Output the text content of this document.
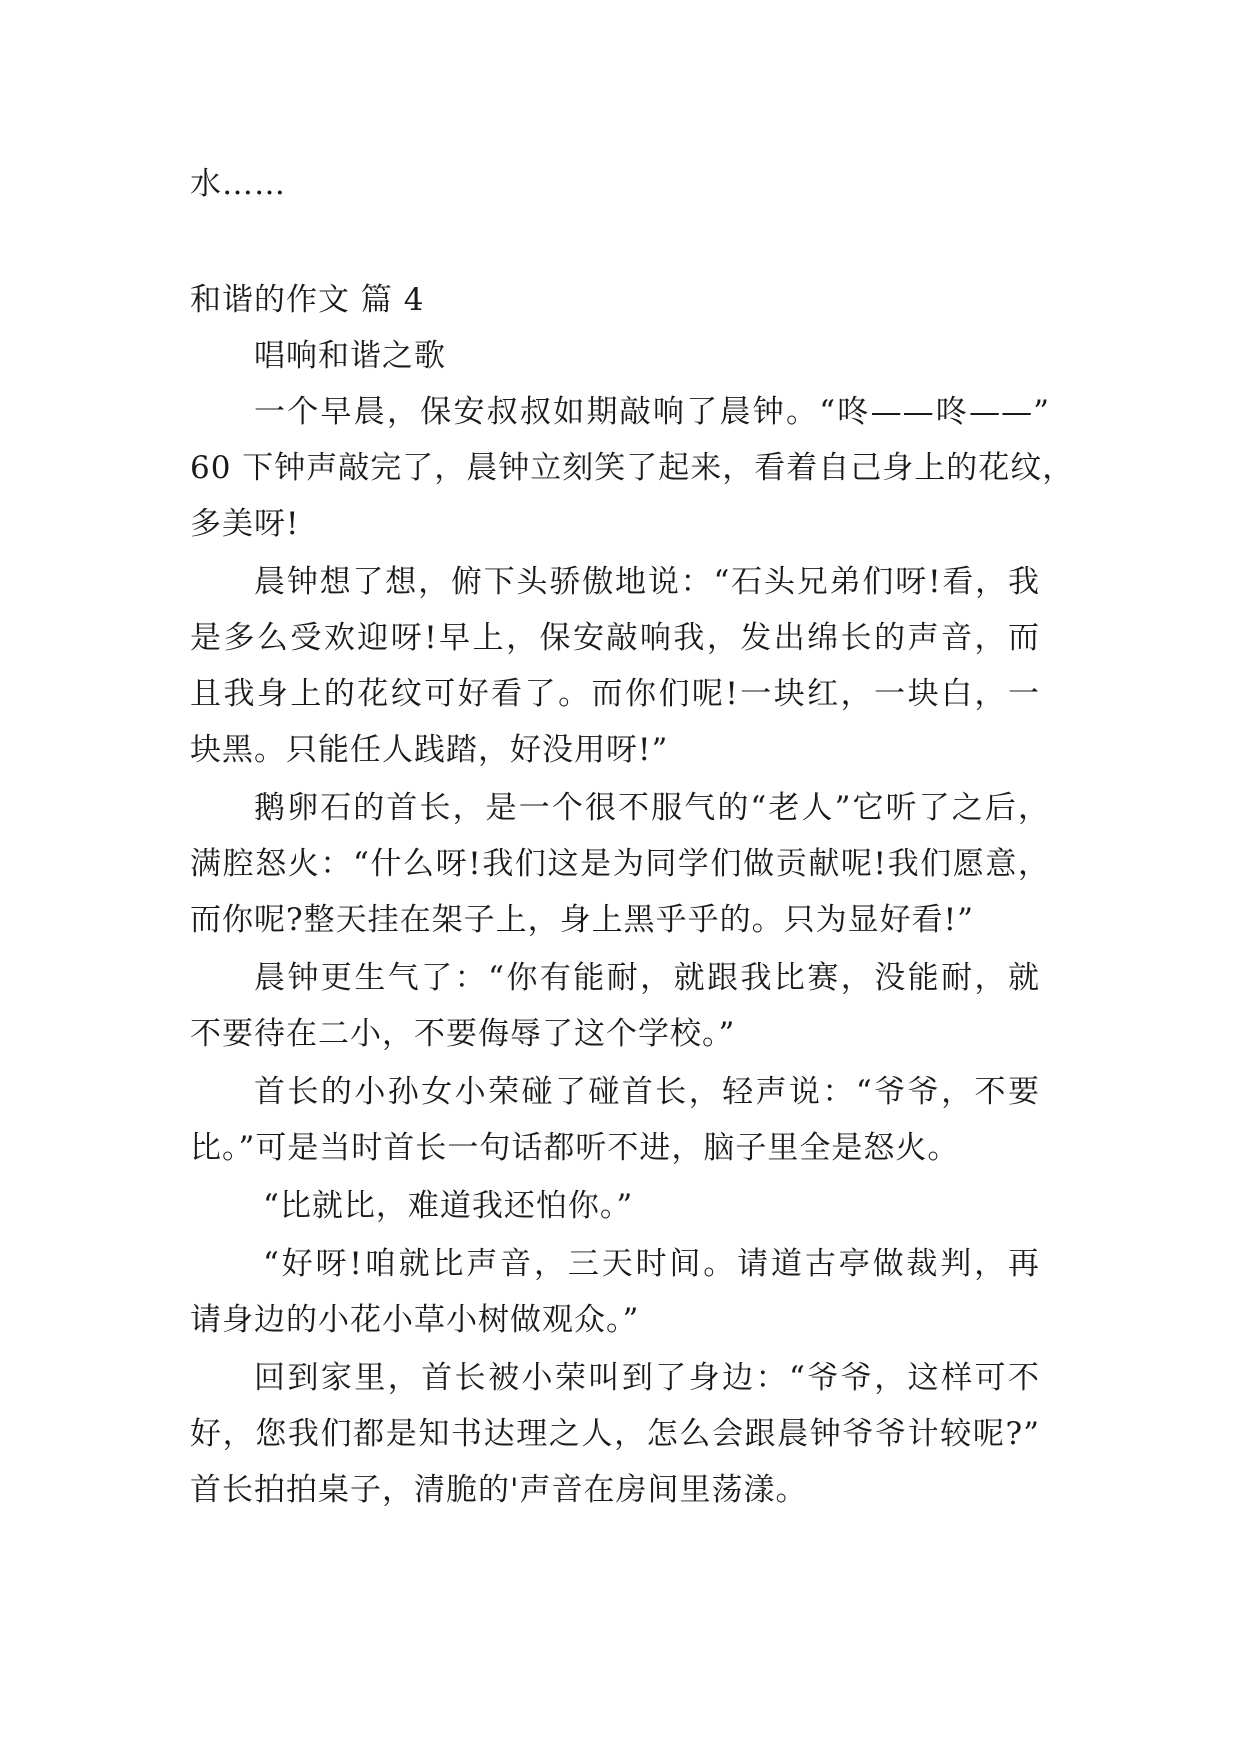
水……
和谐的作文 篇 4
唱响和谐之歌
一个早晨，保安叔叔如期敲响了晨钟。“咚——咚——”
60 下钟声敲完了，晨钟立刻笑了起来，看着自己身上的花纹，
多美呀!
晨钟想了想，俯下头骄傲地说：“石头兄弟们呀!看，我
是多么受欢迎呀!早上，保安敲响我，发出绵长的声音，而
且我身上的花纹可好看了。而你们呢!一块红，一块白，一
块黑。只能任人践踏，好没用呀!”
鹅卵石的首长，是一个很不服气的“老人”它听了之后，
满腔怒火：“什么呀!我们这是为同学们做贡献呢!我们愿意，
而你呢?整天挂在架子上，身上黑乎乎的。只为显好看!”
晨钟更生气了：“你有能耐，就跟我比赛，没能耐，就
不要待在二小，不要侮辱了这个学校。”
首长的小孙女小荣碰了碰首长，轻声说：“爷爷，不要
比。”可是当时首长一句话都听不进，脑子里全是怒火。
“比就比，难道我还怕你。”
“好呀!咱就比声音，三天时间。请道古亭做裁判，再
请身边的小花小草小树做观众。”
回到家里，首长被小荣叫到了身边：“爷爷，这样可不
好，您我们都是知书达理之人，怎么会跟晨钟爷爷计较呢?”
首长拍拍桌子，清脆的'声音在房间里荡漾。
